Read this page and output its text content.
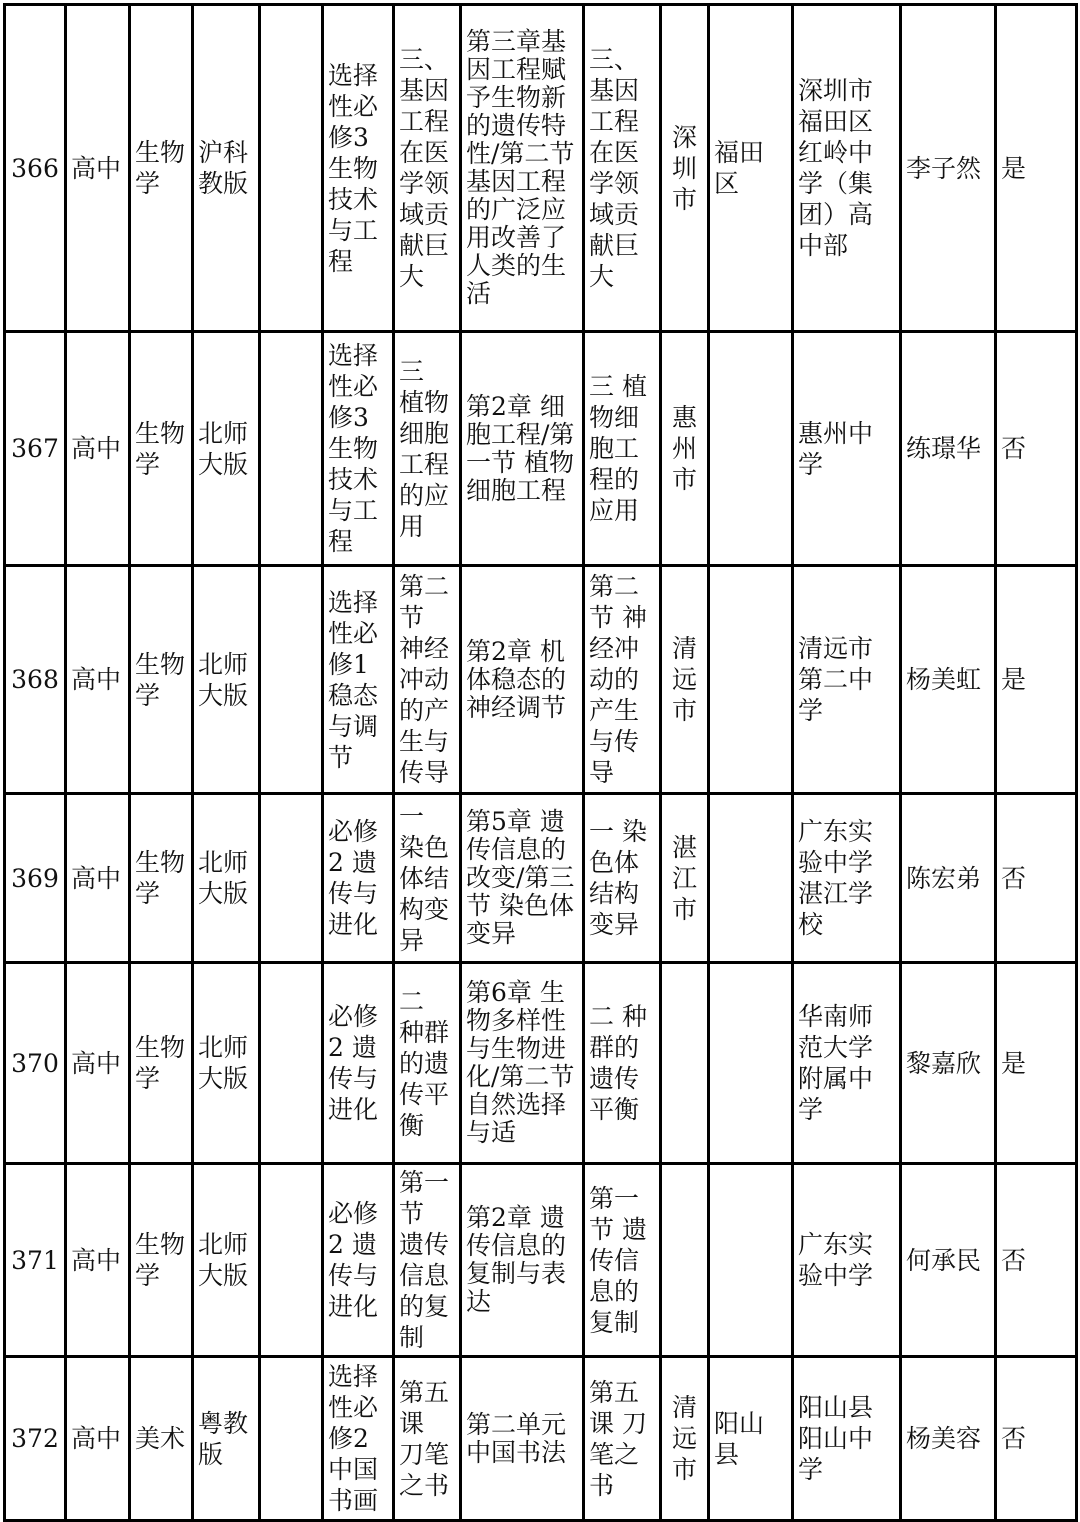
366	高中	生物学	沪科教版		选择性必修3 生物技术与工程	三、基因工程在医学领域贡献巨大	第三章基因工程赋予生物新的遗传特性/第二节 基因工程的广泛应用改善了人类的生活	三、基因工程在医学领域贡献巨大	深圳市	福田区	深圳市福田区红岭中学（集团）高中部	李子然	是
367	高中	生物学	北师大版		选择性必修3 生物技术与工程	三 植物细胞工程的应用	第2章 细胞工程/第一节 植物细胞工程	三 植物细胞工程的应用	惠州市		惠州中学	练璟华	否
368	高中	生物学	北师大版		选择性必修1 稳态与调节	第二节 神经冲动的产生与传导	第2章 机体稳态的神经调节	第二节 神经冲动的产生与传导	清远市		清远市第二中学	杨美虹	是
369	高中	生物学	北师大版		必修2 遗传与进化	一 染色体结构变异	第5章 遗传信息的改变/第三节 染色体变异	一 染色体结构变异	湛江市		广东实验中学湛江学校	陈宏弟	否
370	高中	生物学	北师大版		必修2 遗传与进化	二 种群的遗传平衡	第6章 生物多样性与生物进化/第二节 自然选择与适	二 种群的遗传平衡			华南师范大学附属中学	黎嘉欣	是
371	高中	生物学	北师大版		必修2 遗传与进化	第一节 遗传信息的复制	第2章 遗传信息的复制与表达	第一节 遗传信息的复制			广东实验中学	何承民	否
372	高中	美术	粤教版		选择性必修2 中国书画	第五课 刀笔之书	第二单元 中国书法	第五课 刀笔之书	清远市	阳山县	阳山县阳山中学	杨美容	否
